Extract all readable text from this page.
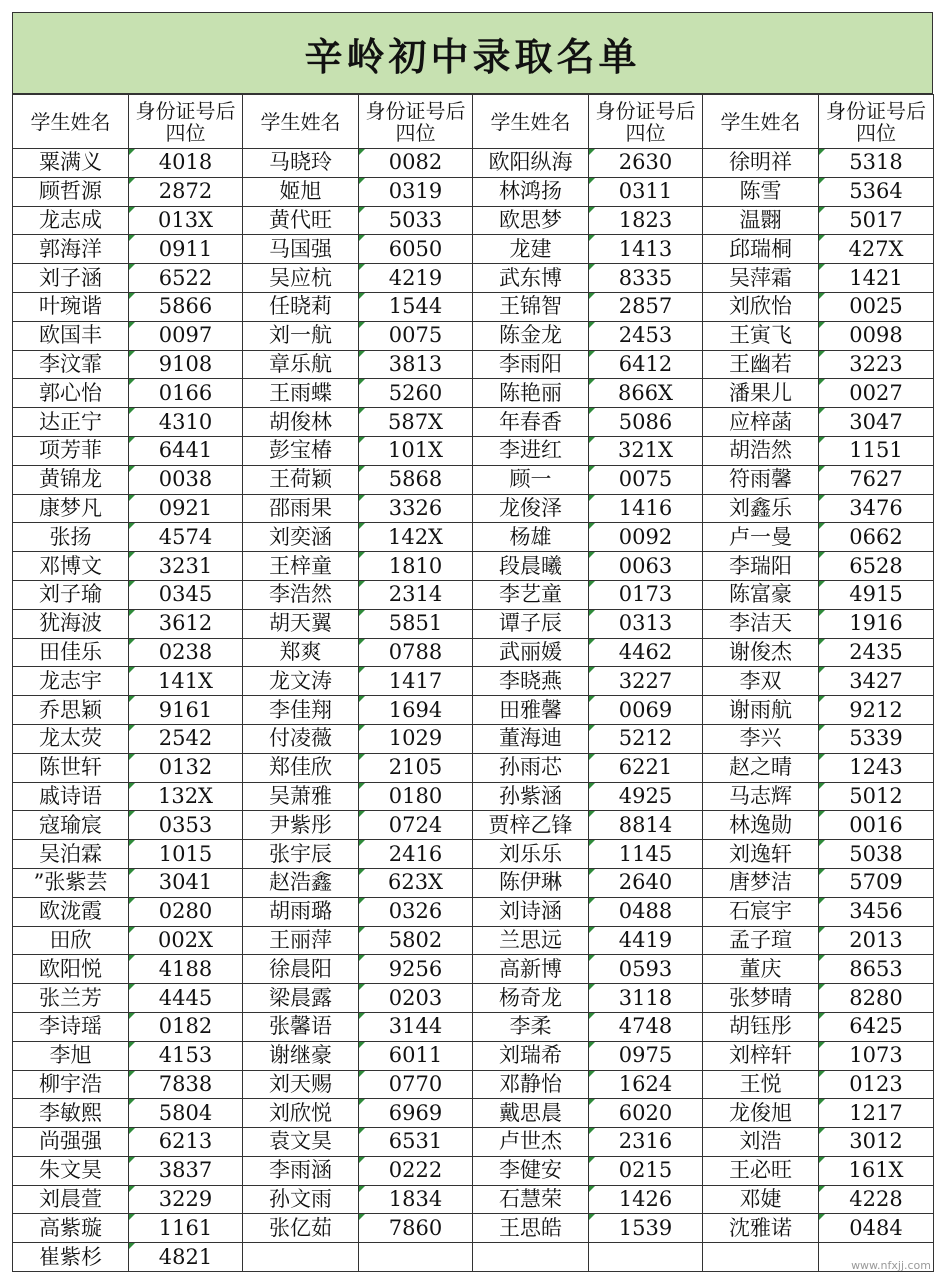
辛岭初中录取名单
学生姓名	身份证号后四位	学生姓名	身份证号后四位	学生姓名	身份证号后四位	学生姓名	身份证号后四位
粟满义	4018	马晓玲	0082	欧阳纵海	2630	徐明祥	5318
顾哲源	2872	姬旭	0319	林鸿扬	0311	陈雪	5364
龙志成	013X	黄代旺	5033	欧思梦	1823	温翾	5017
郭海洋	0911	马国强	6050	龙建	1413	邱瑞桐	427X
刘子涵	6522	吴应杭	4219	武东博	8335	吴萍霜	1421
叶琬谐	5866	任晓莉	1544	王锦智	2857	刘欣怡	0025
欧国丰	0097	刘一航	0075	陈金龙	2453	王寅飞	0098
李汶霏	9108	章乐航	3813	李雨阳	6412	王幽若	3223
郭心怡	0166	王雨蝶	5260	陈艳丽	866X	潘果儿	0027
达正宁	4310	胡俊林	587X	年春香	5086	应梓菡	3047
项芳菲	6441	彭宝椿	101X	李进红	321X	胡浩然	1151
黄锦龙	0038	王荷颖	5868	顾一	0075	符雨馨	7627
康梦凡	0921	邵雨果	3326	龙俊泽	1416	刘鑫乐	3476
张扬	4574	刘奕涵	142X	杨雄	0092	卢一曼	0662
邓博文	3231	王梓童	1810	段晨曦	0063	李瑞阳	6528
刘子瑜	0345	李浩然	2314	李艺童	0173	陈富豪	4915
犹海波	3612	胡天翼	5851	谭子辰	0313	李洁天	1916
田佳乐	0238	郑爽	0788	武丽媛	4462	谢俊杰	2435
龙志宇	141X	龙文涛	1417	李晓燕	3227	李双	3427
乔思颖	9161	李佳翔	1694	田雅馨	0069	谢雨航	9212
龙太荧	2542	付凌薇	1029	董海迪	5212	李兴	5339
陈世轩	0132	郑佳欣	2105	孙雨芯	6221	赵之晴	1243
戚诗语	132X	吴萧雅	0180	孙紫涵	4925	马志辉	5012
寇瑜宸	0353	尹紫彤	0724	贾梓乙锋	8814	林逸勋	0016
吴泊霖	1015	张宇辰	2416	刘乐乐	1145	刘逸轩	5038
”张紫芸	3041	赵浩鑫	623X	陈伊琳	2640	唐梦洁	5709
欧泷霞	0280	胡雨璐	0326	刘诗涵	0488	石宸宇	3456
田欣	002X	王丽萍	5802	兰思远	4419	孟子瑄	2013
欧阳悦	4188	徐晨阳	9256	高新博	0593	董庆	8653
张兰芳	4445	梁晨露	0203	杨奇龙	3118	张梦晴	8280
李诗瑶	0182	张馨语	3144	李柔	4748	胡钰彤	6425
李旭	4153	谢继豪	6011	刘瑞希	0975	刘梓轩	1073
柳宇浩	7838	刘天赐	0770	邓静怡	1624	王悦	0123
李敏熙	5804	刘欣悦	6969	戴思晨	6020	龙俊旭	1217
尚强强	6213	袁文昊	6531	卢世杰	2316	刘浩	3012
朱文昊	3837	李雨涵	0222	李健安	0215	王必旺	161X
刘晨萱	3229	孙文雨	1834	石慧荣	1426	邓婕	4228
高紫璇	1161	张亿茹	7860	王思皓	1539	沈雅诺	0484
崔紫杉	4821							www.nfxjj.com
